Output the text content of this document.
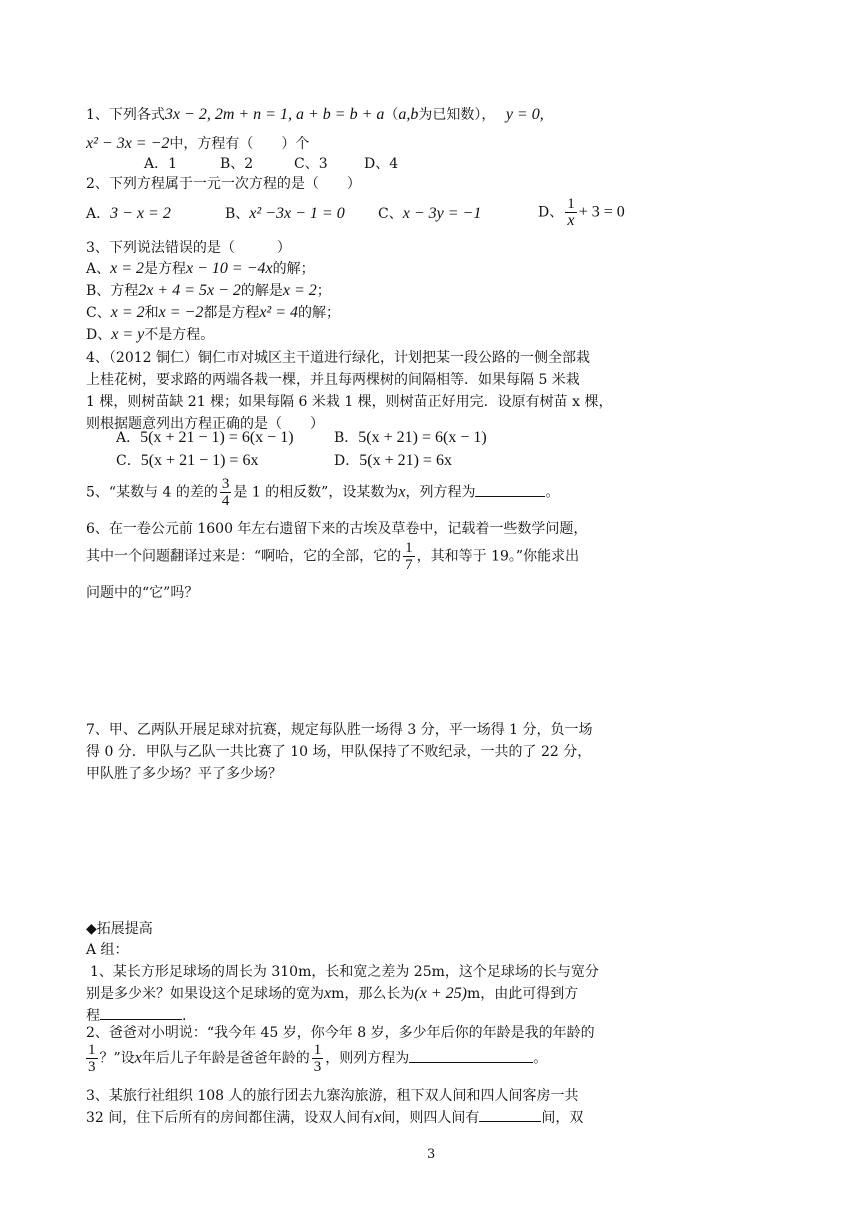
1、下列各式3x − 2, 2m + n = 1, a + b = b + a（a,b为已知数）， y = 0,
x² − 3x = −2中，方程有（　　）个
A．1	B、2	C、3	D、4
2、下列方程属于一元一次方程的是（　　）
A．3 − x = 2	B、x² −3x − 1 = 0 C、x − 3y = −1	D、 $\frac{1}{x} + 3 = 0$
3、下列说法错误的是（　　　）
A、x = 2是方程x − 10 = −4x的解；
B、方程2x + 4 = 5x − 2的解是x = 2；
C、x = 2和x = −2都是方程x² = 4的解；
D、x = y不是方程。
4、（2012 铜仁）铜仁市对城区主干道进行绿化，计划把某一段公路的一侧全部栽
上桂花树，要求路的两端各栽一棵，并且每两棵树的间隔相等．如果每隔 5 米栽
1 棵，则树苗缺 21 棵；如果每隔 6 米栽 1 棵，则树苗正好用完．设原有树苗 x 棵，
则根据题意列出方程正确的是（　　）
A．5(x + 21 − 1) = 6(x − 1)	B．5(x + 21) = 6(x − 1)
C．5(x + 21 − 1) = 6x	D．5(x + 21) = 6x
5、“某数与 4 的差的 $\frac{3}{4}$ 是 1 的相反数”，设某数为x，列方程为	。
6、在一卷公元前 1600 年左右遗留下来的古埃及草卷中，记载着一些数学问题，
其中一个问题翻译过来是：“啊哈，它的全部，它的 $\frac{1}{7}$ ，其和等于 19。”你能求出
问题中的“它”吗？
7、甲、乙两队开展足球对抗赛，规定每队胜一场得 3 分，平一场得 1 分，负一场
得 0 分．甲队与乙队一共比赛了 10 场，甲队保持了不败纪录，一共的了 22 分，
甲队胜了多少场？平了多少场？
◆拓展提高
A 组：
1、某长方形足球场的周长为 310m，长和宽之差为 25m，这个足球场的长与宽分
别是多少米？如果设这个足球场的宽为xm，那么长为(x + 25)m，由此可得到方
程	.
2、爸爸对小明说：“我今年 45 岁，你今年 8 岁，多少年后你的年龄是我的年龄的
$\frac{1}{3}$ ？”设x年后儿子年龄是爸爸年龄的 $\frac{1}{3}$ ，则列方程为	。
3、某旅行社组织 108 人的旅行团去九寨沟旅游，租下双人间和四人间客房一共
32 间，住下后所有的房间都住满，设双人间有x间，则四人间有	间，双
3
